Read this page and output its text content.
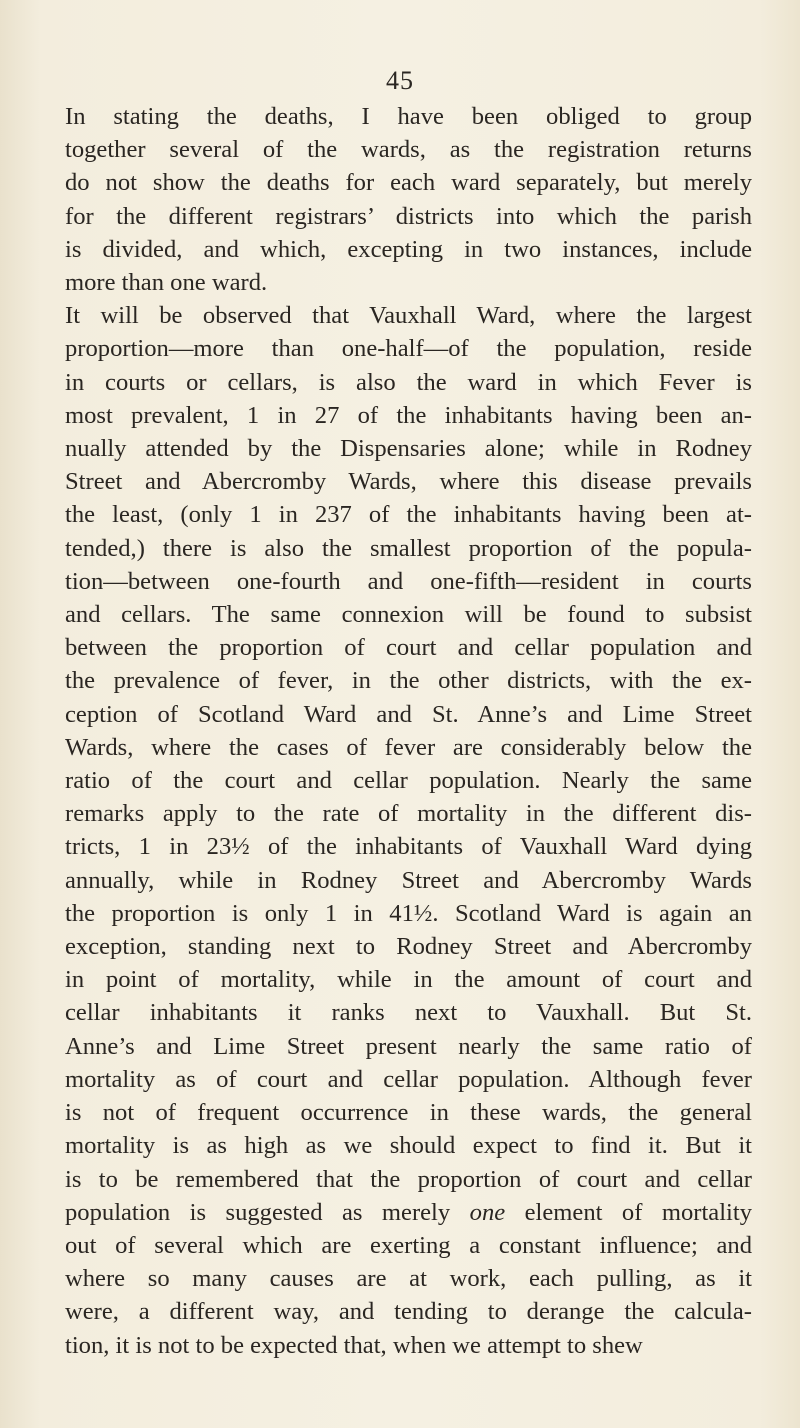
45

In stating the deaths, I have been obliged to group
together several of the wards, as the registration returns
do not show the deaths for each ward separately, but merely
for the different registrars’ districts into which the parish
is divided, and which, excepting in two instances, include
more than one ward.

It will be observed that Vauxhall Ward, where the largest
proportion—more than one-half—of the population, reside
in courts or cellars, is also the ward in which Fever is
most prevalent, 1 in 27 of the inhabitants having been an-
nually attended by the Dispensaries alone; while in Rodney
Street and Abercromby Wards, where this disease prevails
the least, (only 1 in 237 of the inhabitants having been at-
tended,) there is also the smallest proportion of the popula-
tion—between one-fourth and one-fifth—resident in courts
and cellars. The same connexion will be found to subsist
between the proportion of court and cellar population and
the prevalence of fever, in the other districts, with the ex-
ception of Scotland Ward and St. Anne’s and Lime Street
Wards, where the cases of fever are considerably below the
ratio of the court and cellar population. Nearly the same
remarks apply to the rate of mortality in the different dis-
tricts, 1 in 23½ of the inhabitants of Vauxhall Ward dying
annually, while in Rodney Street and Abercromby Wards
the proportion is only 1 in 41½. Scotland Ward is again an
exception, standing next to Rodney Street and Abercromby
in point of mortality, while in the amount of court and
cellar inhabitants it ranks next to Vauxhall. But St.
Anne’s and Lime Street present nearly the same ratio of
mortality as of court and cellar population. Although fever
is not of frequent occurrence in these wards, the general
mortality is as high as we should expect to find it. But it
is to be remembered that the proportion of court and cellar
population is suggested as merely one element of mortality
out of several which are exerting a constant influence; and
where so many causes are at work, each pulling, as it
were, a different way, and tending to derange the calcula-
tion, it is not to be expected that, when we attempt to shew
